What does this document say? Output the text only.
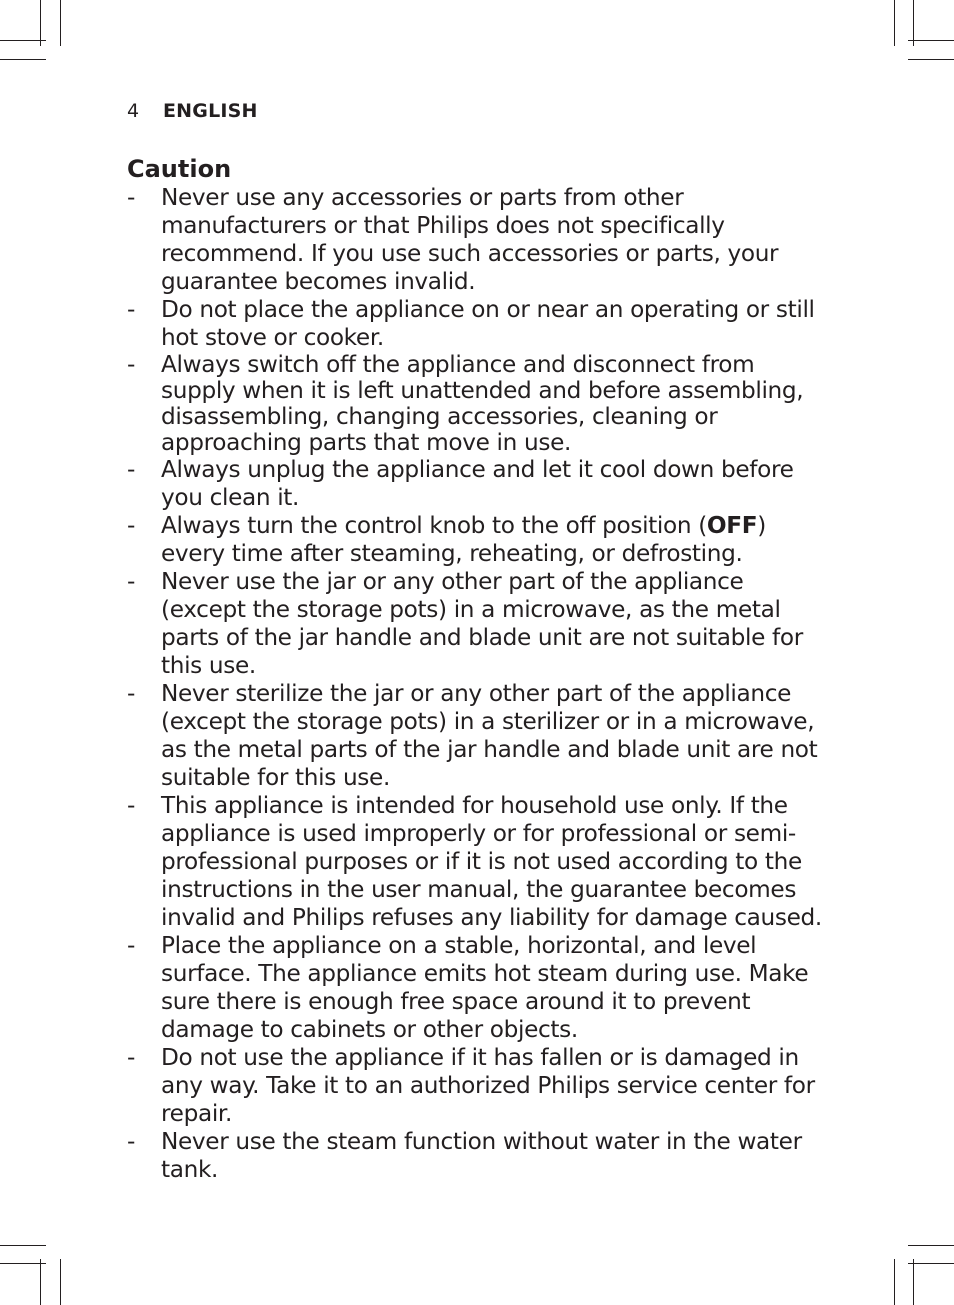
4 ENGLISH
Caution
- Never use any accessories or parts from other manufacturers or that Philips does not specifically recommend. If you use such accessories or parts, your guarantee becomes invalid.
- Do not place the appliance on or near an operating or still hot stove or cooker.
- Always switch off the appliance and disconnect from supply when it is left unattended and before assembling, disassembling, changing accessories, cleaning or approaching parts that move in use.
- Always unplug the appliance and let it cool down before you clean it.
- Always turn the control knob to the off position (OFF) every time after steaming, reheating, or defrosting.
- Never use the jar or any other part of the appliance (except the storage pots) in a microwave, as the metal parts of the jar handle and blade unit are not suitable for this use.
- Never sterilize the jar or any other part of the appliance (except the storage pots) in a sterilizer or in a microwave, as the metal parts of the jar handle and blade unit are not suitable for this use.
- This appliance is intended for household use only. If the appliance is used improperly or for professional or semi-professional purposes or if it is not used according to the instructions in the user manual, the guarantee becomes invalid and Philips refuses any liability for damage caused.
- Place the appliance on a stable, horizontal, and level surface. The appliance emits hot steam during use. Make sure there is enough free space around it to prevent damage to cabinets or other objects.
- Do not use the appliance if it has fallen or is damaged in any way. Take it to an authorized Philips service center for repair.
- Never use the steam function without water in the water tank.
